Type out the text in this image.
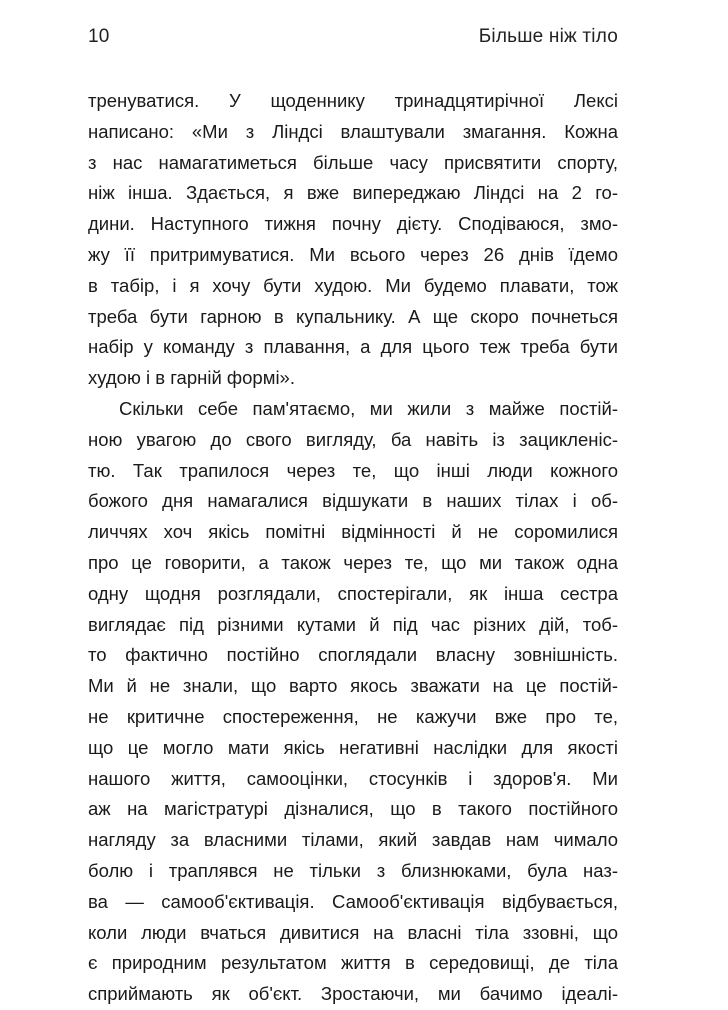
10	Більше ніж тіло
тренуватися. У щоденнику тринадцятирічної Лексі
написано: «Ми з Ліндсі влаштували змагання. Кожна
з нас намагатиметься більше часу присвятити спорту,
ніж інша. Здається, я вже випереджаю Ліндсі на 2 го-
дини. Наступного тижня почну дієту. Сподіваюся, змо-
жу її притримуватися. Ми всього через 26 днів їдемо
в табір, і я хочу бути худою. Ми будемо плавати, тож
треба бути гарною в купальнику. А ще скоро почнеться
набір у команду з плавання, а для цього теж треба бути
худою і в гарній формі».
Скільки себе пам'ятаємо, ми жили з майже постій-
ною увагою до свого вигляду, ба навіть із зацикленіс-
тю. Так трапилося через те, що інші люди кожного
божого дня намагалися відшукати в наших тілах і об-
личчях хоч якісь помітні відмінності й не соромилися
про це говорити, а також через те, що ми також одна
одну щодня розглядали, спостерігали, як інша сестра
виглядає під різними кутами й під час різних дій, тоб-
то фактично постійно споглядали власну зовнішність.
Ми й не знали, що варто якось зважати на це постій-
не критичне спостереження, не кажучи вже про те,
що це могло мати якісь негативні наслідки для якості
нашого життя, самооцінки, стосунків і здоров'я. Ми
аж на магістратурі дізналися, що в такого постійного
нагляду за власними тілами, який завдав нам чимало
болю і траплявся не тільки з близнюками, була наз-
ва — самооб'єктивація. Самооб'єктивація відбувається,
коли люди вчаться дивитися на власні тіла ззовні, що
є природним результатом життя в середовищі, де тіла
сприймають як об'єкт. Зростаючи, ми бачимо ідеалі-
